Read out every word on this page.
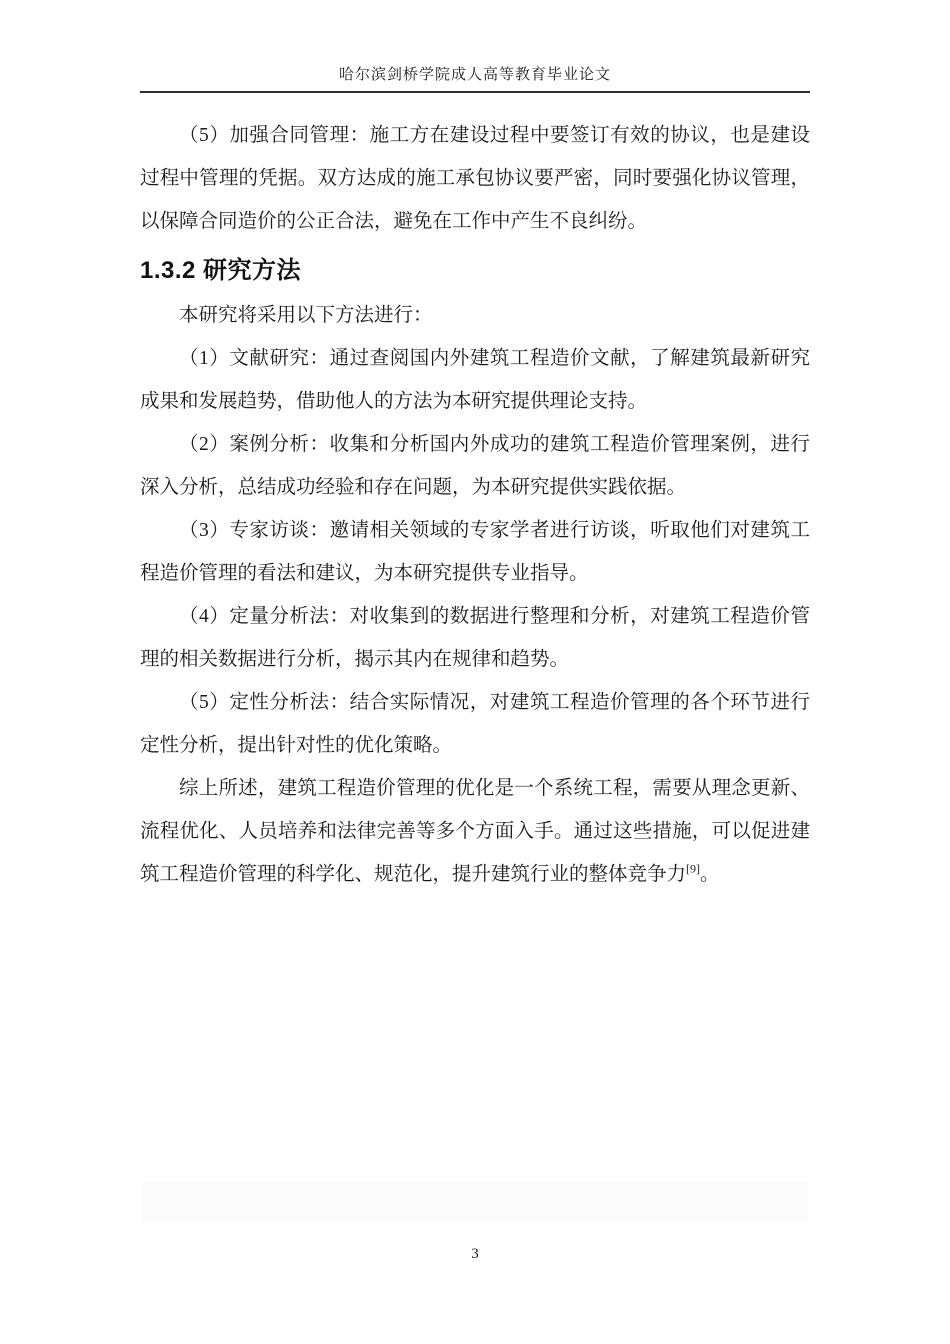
哈尔滨剑桥学院成人高等教育毕业论文

（5）加强合同管理：施工方在建设过程中要签订有效的协议，也是建设过程中管理的凭据。双方达成的施工承包协议要严密，同时要强化协议管理，以保障合同造价的公正合法，避免在工作中产生不良纠纷。

1.3.2 研究方法

本研究将采用以下方法进行：

（1）文献研究：通过查阅国内外建筑工程造价文献，了解建筑最新研究成果和发展趋势，借助他人的方法为本研究提供理论支持。

（2）案例分析：收集和分析国内外成功的建筑工程造价管理案例，进行深入分析，总结成功经验和存在问题，为本研究提供实践依据。

（3）专家访谈：邀请相关领域的专家学者进行访谈，听取他们对建筑工程造价管理的看法和建议，为本研究提供专业指导。

（4）定量分析法：对收集到的数据进行整理和分析，对建筑工程造价管理的相关数据进行分析，揭示其内在规律和趋势。

（5）定性分析法：结合实际情况，对建筑工程造价管理的各个环节进行定性分析，提出针对性的优化策略。

综上所述，建筑工程造价管理的优化是一个系统工程，需要从理念更新、流程优化、人员培养和法律完善等多个方面入手。通过这些措施，可以促进建筑工程造价管理的科学化、规范化，提升建筑行业的整体竞争力[9]。

3
